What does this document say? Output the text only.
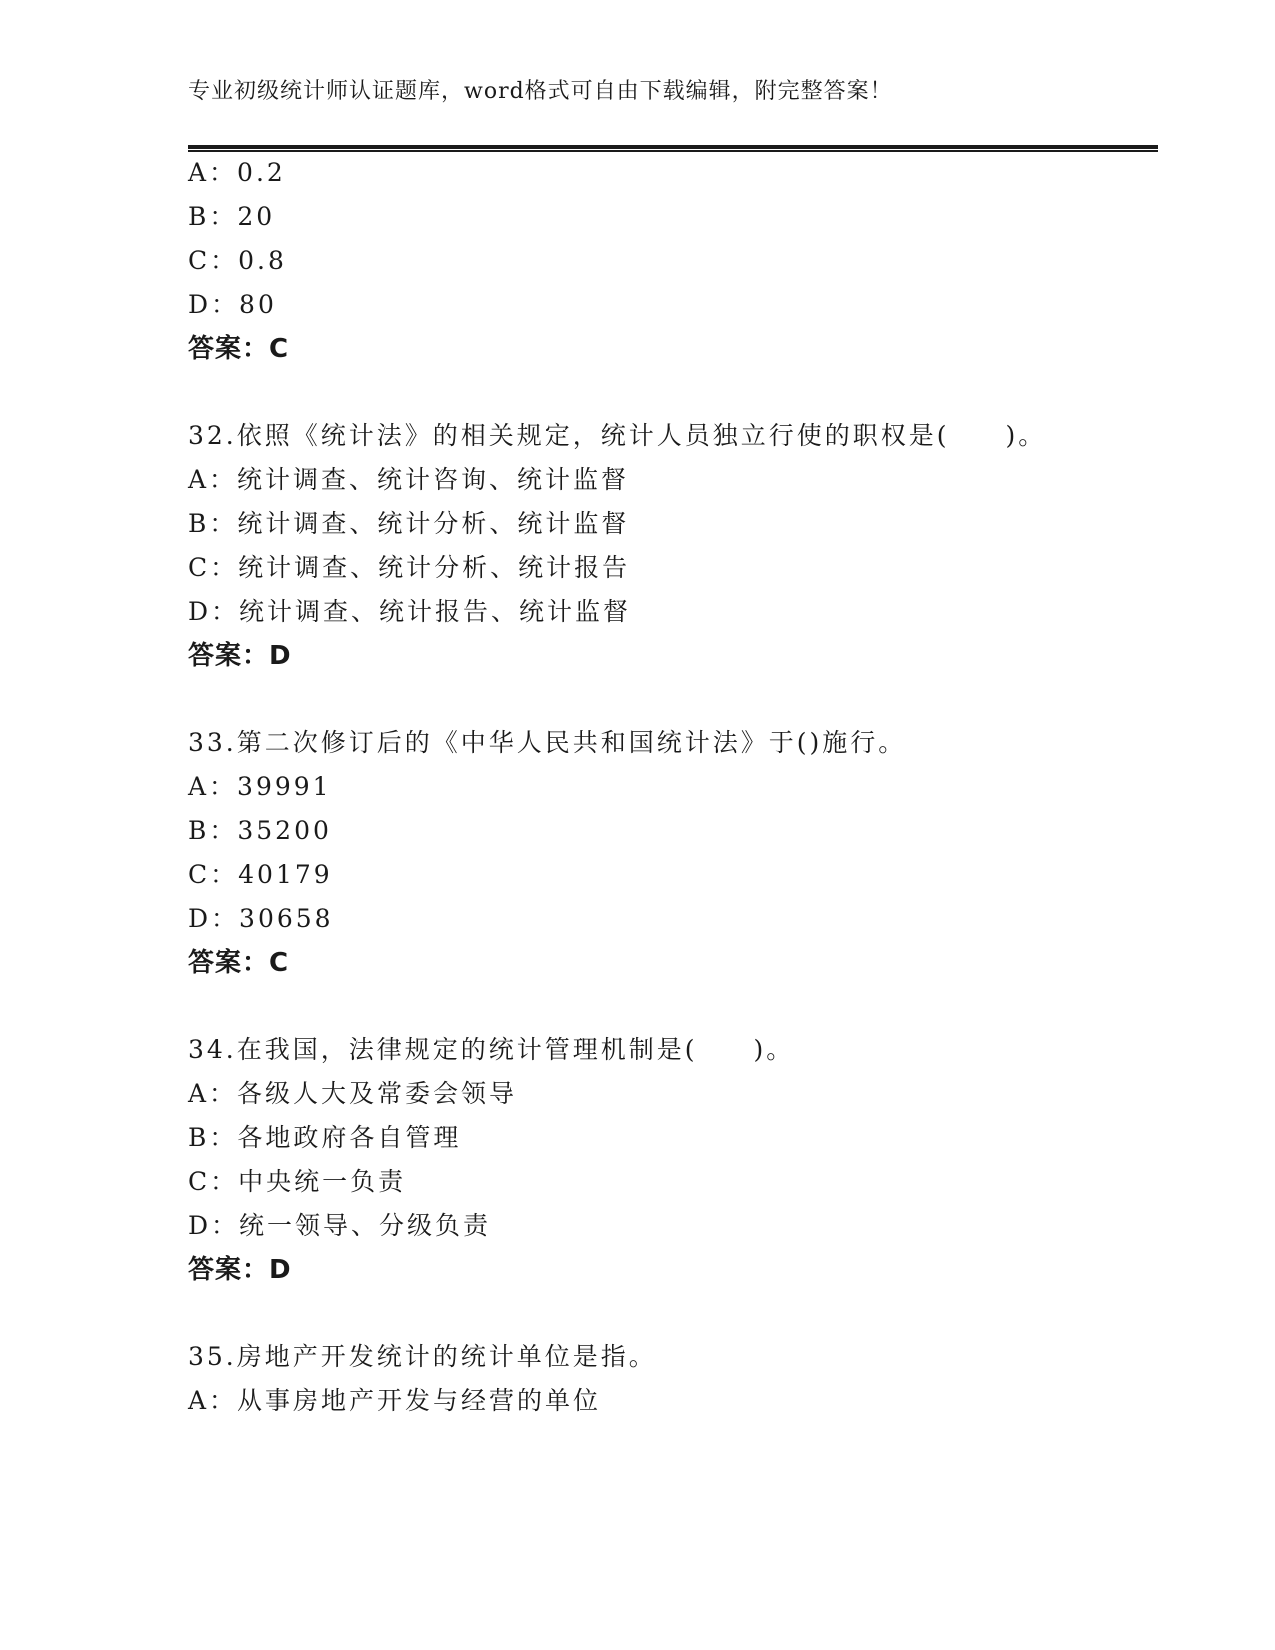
专业初级统计师认证题库，word格式可自由下载编辑，附完整答案！
A：0.2
B：20
C：0.8
D：80
答案：C
32.依照《统计法》的相关规定，统计人员独立行使的职权是(　　)。
A：统计调查、统计咨询、统计监督
B：统计调查、统计分析、统计监督
C：统计调查、统计分析、统计报告
D：统计调查、统计报告、统计监督
答案：D
33.第二次修订后的《中华人民共和国统计法》于()施行。
A：39991
B：35200
C：40179
D：30658
答案：C
34.在我国，法律规定的统计管理机制是(　　)。
A：各级人大及常委会领导
B：各地政府各自管理
C：中央统一负责
D：统一领导、分级负责
答案：D
35.房地产开发统计的统计单位是指。
A：从事房地产开发与经营的单位
